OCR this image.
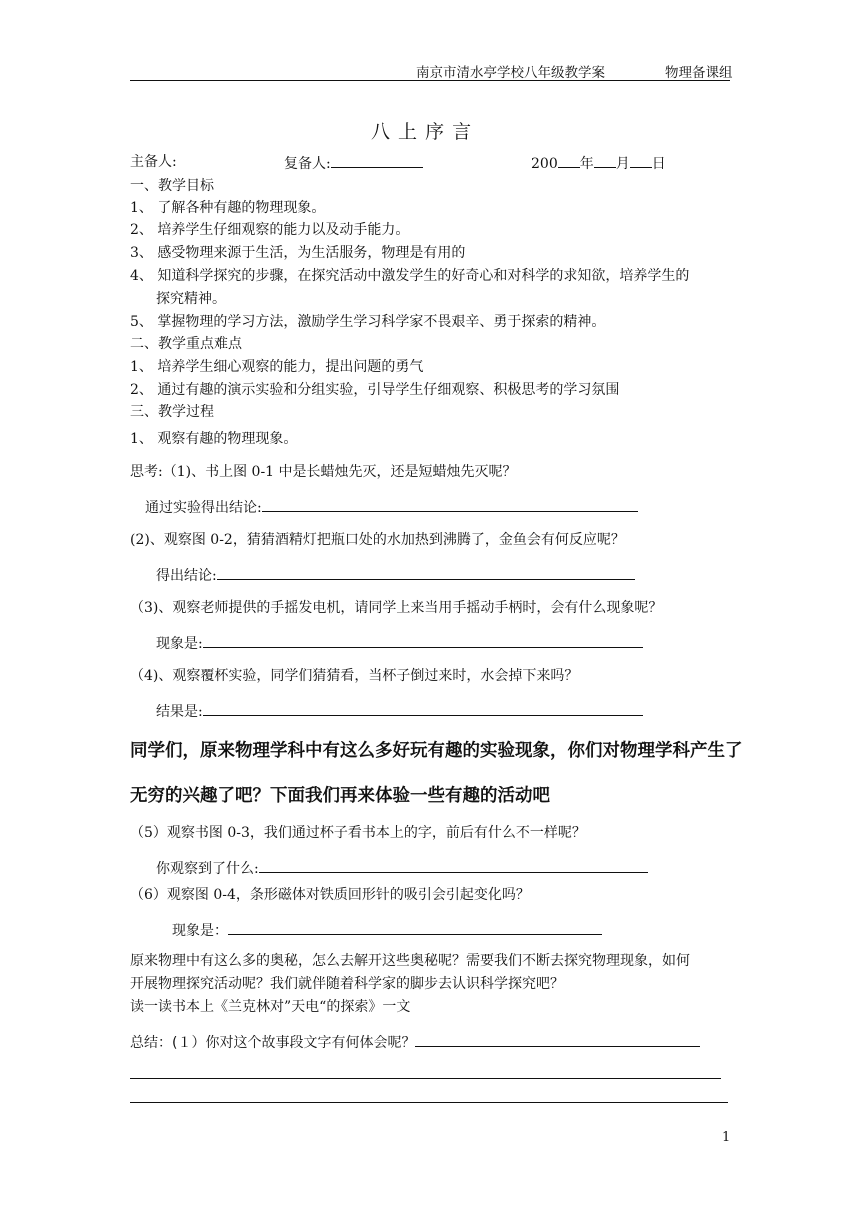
南京市清水亭学校八年级教学案	物理备课组
八 上 序 言
主备人:	复备人:	200 年 月 日
一、教学目标
1、 了解各种有趣的物理现象。
2、 培养学生仔细观察的能力以及动手能力。
3、 感受物理来源于生活，为生活服务，物理是有用的
4、 知道科学探究的步骤，在探究活动中激发学生的好奇心和对科学的求知欲，培养学生的
探究精神。
5、 掌握物理的学习方法，激励学生学习科学家不畏艰辛、勇于探索的精神。
二、教学重点难点
1、 培养学生细心观察的能力，提出问题的勇气
2、 通过有趣的演示实验和分组实验，引导学生仔细观察、积极思考的学习氛围
三、教学过程
1、 观察有趣的物理现象。
思考:（1)、书上图 0-1 中是长蜡烛先灭，还是短蜡烛先灭呢？
通过实验得出结论:
(2)、观察图 0-2，猜猜酒精灯把瓶口处的水加热到沸腾了，金鱼会有何反应呢？
得出结论:
（3)、观察老师提供的手摇发电机，请同学上来当用手摇动手柄时，会有什么现象呢？
现象是:
（4)、观察覆杯实验，同学们猜猜看，当杯子倒过来时，水会掉下来吗？
结果是:
同学们，原来物理学科中有这么多好玩有趣的实验现象，你们对物理学科产生了
无穷的兴趣了吧？下面我们再来体验一些有趣的活动吧
（5）观察书图 0-3，我们通过杯子看书本上的字，前后有什么不一样呢？
你观察到了什么:
（6）观察图 0-4，条形磁体对铁质回形针的吸引会引起变化吗？
现象是：
原来物理中有这么多的奥秘，怎么去解开这些奥秘呢？需要我们不断去探究物理现象，如何
开展物理探究活动呢？我们就伴随着科学家的脚步去认识科学探究吧？
读一读书本上《兰克林对”天电“的探索》一文
总结：(１）你对这个故事段文字有何体会呢？
1
